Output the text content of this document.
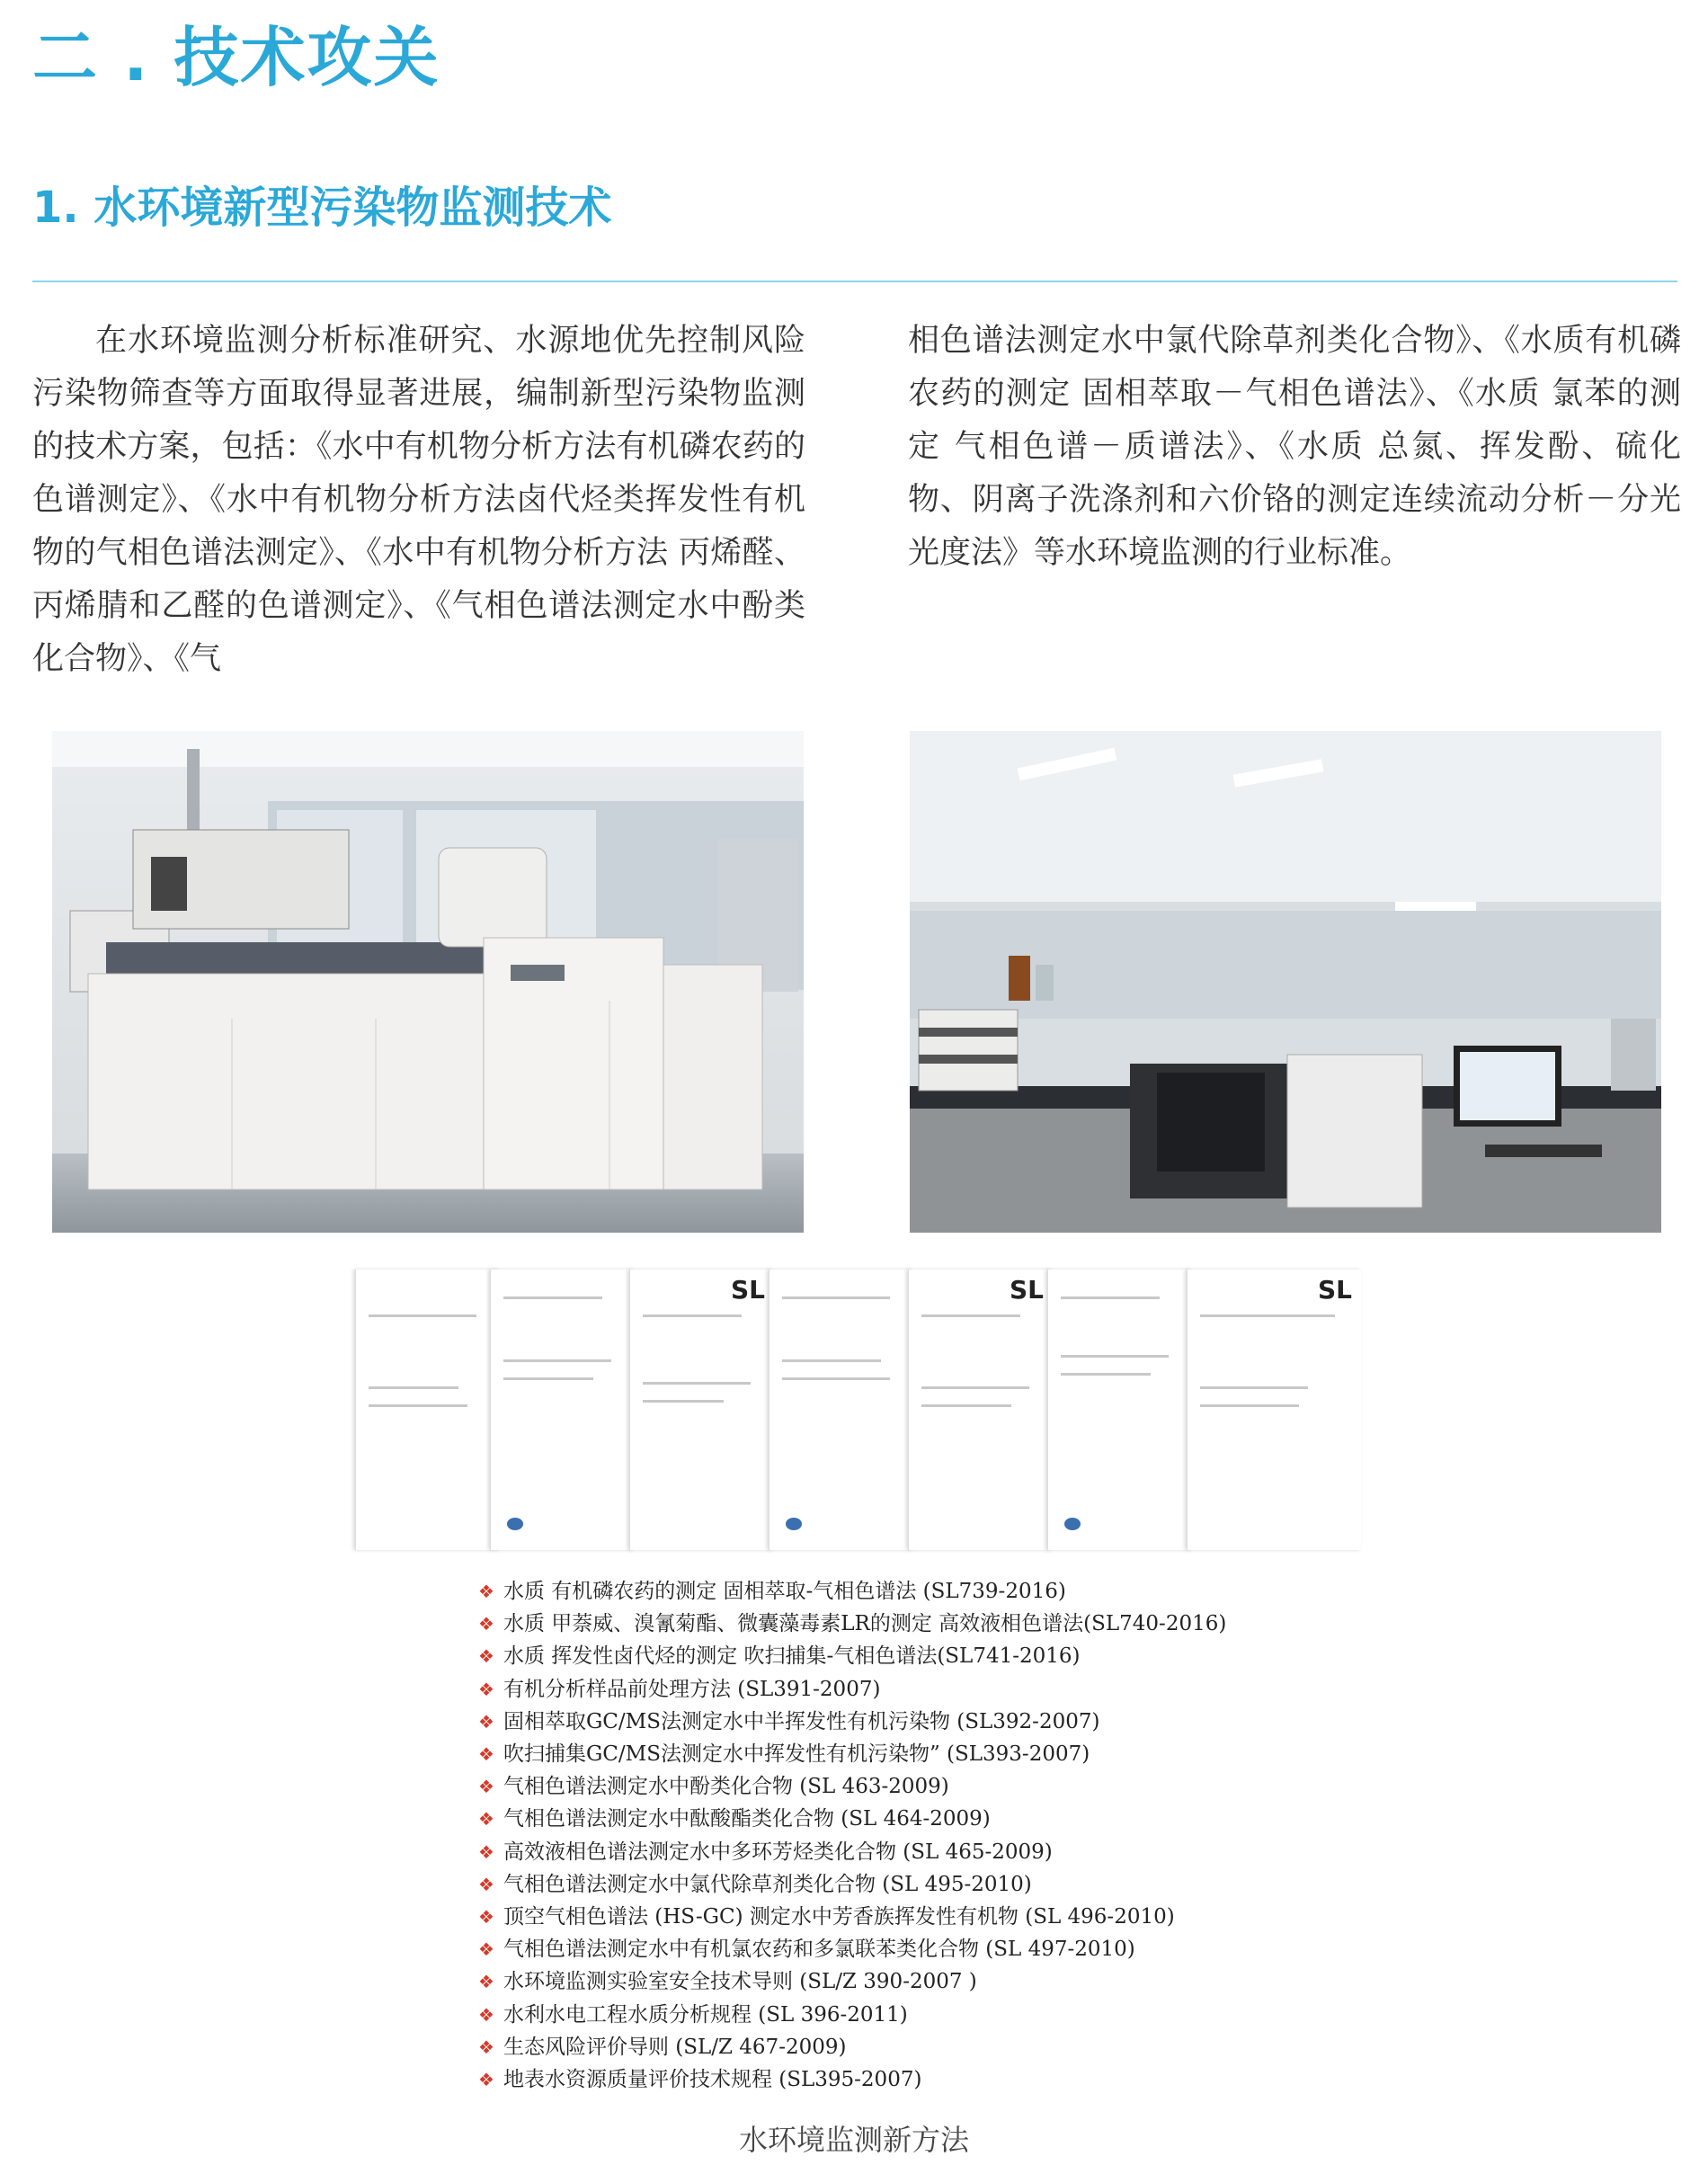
二 . 技术攻关
1. 水环境新型污染物监测技术

在水环境监测分析标准研究、水源地优先控制风险污染物筛查等方面取得显著进展，编制新型污染物监测的技术方案，包括：《水中有机物分析方法有机磷农药的色谱测定》、《水中有机物分析方法卤代烃类挥发性有机物的气相色谱法测定》、《水中有机物分析方法 丙烯醛、丙烯腈和乙醛的色谱测定》、《气相色谱法测定水中酚类化合物》、《气

相色谱法测定水中氯代除草剂类化合物》、《水质有机磷农药的测定 固相萃取－气相色谱法》、《水质 氯苯的测定 气相色谱－质谱法》、《水质 总氮、挥发酚、硫化物、阴离子洗涤剂和六价铬的测定连续流动分析－分光光度法》等水环境监测的行业标准。

SL	SL	SL
❖ 水质 有机磷农药的测定 固相萃取-气相色谱法 (SL739-2016)
❖ 水质 甲萘威、溴氰菊酯、微囊藻毒素LR的测定 高效液相色谱法(SL740-2016)
❖ 水质 挥发性卤代烃的测定 吹扫捕集-气相色谱法(SL741-2016)
❖ 有机分析样品前处理方法 (SL391-2007)
❖ 固相萃取GC/MS法测定水中半挥发性有机污染物 (SL392-2007)
❖ 吹扫捕集GC/MS法测定水中挥发性有机污染物” (SL393-2007)
❖ 气相色谱法测定水中酚类化合物 (SL 463-2009)
❖ 气相色谱法测定水中酞酸酯类化合物 (SL 464-2009)
❖ 高效液相色谱法测定水中多环芳烃类化合物 (SL 465-2009)
❖ 气相色谱法测定水中氯代除草剂类化合物 (SL 495-2010)
❖ 顶空气相色谱法 (HS-GC) 测定水中芳香族挥发性有机物 (SL 496-2010)
❖ 气相色谱法测定水中有机氯农药和多氯联苯类化合物 (SL 497-2010)
❖ 水环境监测实验室安全技术导则 (SL/Z 390-2007 )
❖ 水利水电工程水质分析规程 (SL 396-2011)
❖ 生态风险评价导则 (SL/Z 467-2009)
❖ 地表水资源质量评价技术规程 (SL395-2007)
水环境监测新方法
